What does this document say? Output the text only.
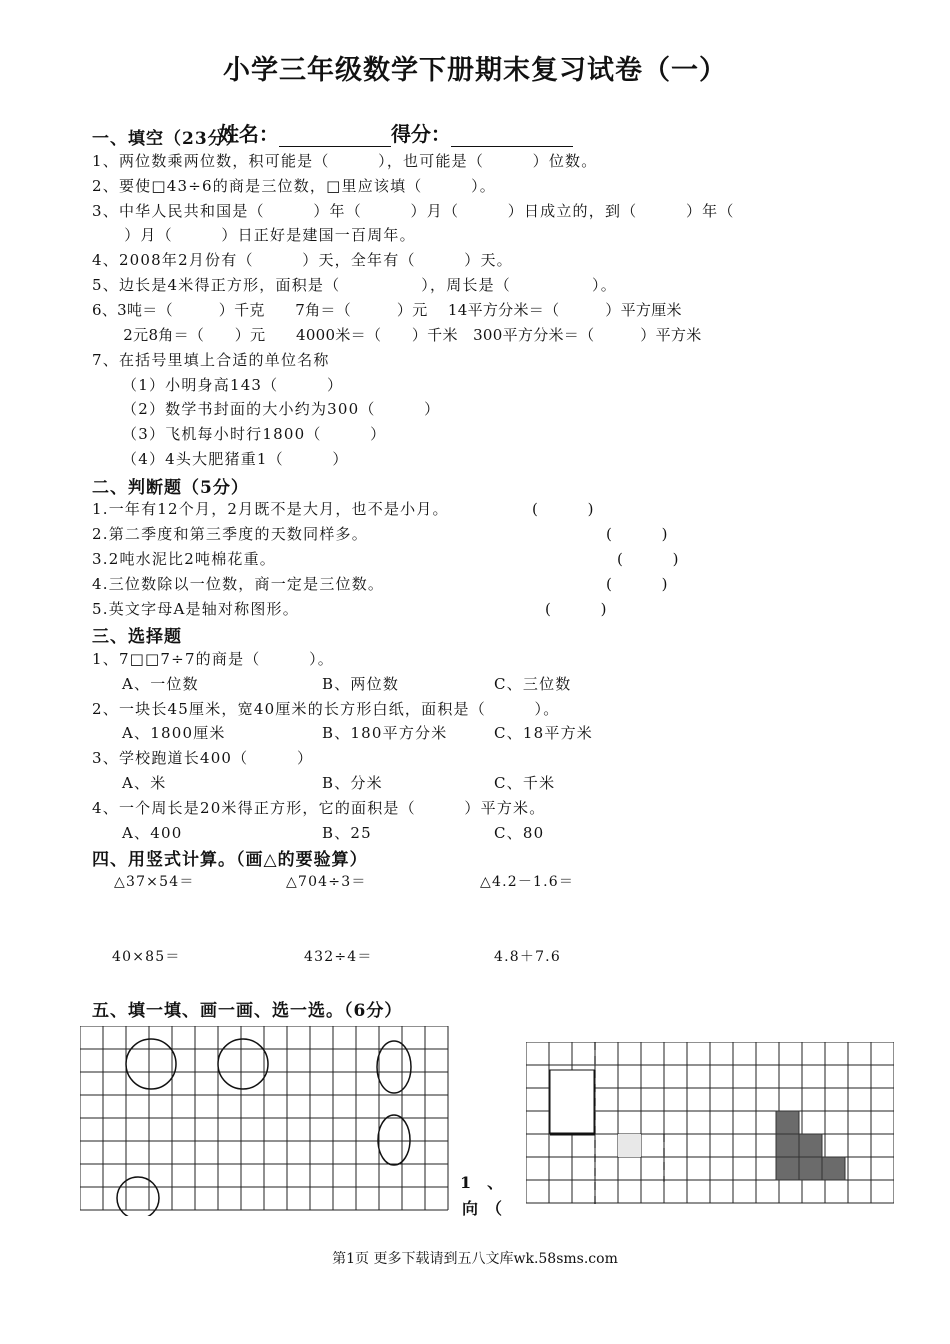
小学三年级数学下册期末复习试卷（一）

姓名：	得分：

一、填空（23分）
1、两位数乘两位数，积可能是（　　　），也可能是（　　　）位数。
2、要使□43÷6的商是三位数，□里应该填（　　　）。
3、中华人民共和国是（　　　）年（　　　）月（　　　）日成立的，到（　　　）年（
　）月（　　　）日正好是建国一百周年。
4、2008年2月份有（　　　）天，全年有（　　　）天。
5、边长是4米得正方形，面积是（　　　　　），周长是（　　　　　）。
6、3吨＝（　　　）千克　　7角＝（　　　）元　 14平方分米＝（　　　）平方厘米
　2元8角＝（　　）元　　4000米＝（　　）千米　300平方分米＝（　　　）平方米
7、在括号里填上合适的单位名称
（1）小明身高143（　　　）
（2）数学书封面的大小约为300（　　　）
（3）飞机每小时行1800（　　　）
（4）4头大肥猪重1（　　　）
二、判断题（5分）
1.一年有12个月，2月既不是大月，也不是小月。	(　　　)
2.第二季度和第三季度的天数同样多。	(　　　)
3.2吨水泥比2吨棉花重。	(　　　)
4.三位数除以一位数，商一定是三位数。	(　　　)
5.英文字母A是轴对称图形。	(　　　)
三、选择题
1、7□□7÷7的商是（　　　）。
A、一位数	B、两位数	C、三位数
2、一块长45厘米，宽40厘米的长方形白纸，面积是（　　　）。
A、1800厘米	B、180平方分米	C、18平方米
3、学校跑道长400（　　　）
A、米	B、分米	C、千米
4、一个周长是20米得正方形，它的面积是（　　　）平方米。
A、400	B、25	C、80
四、用竖式计算。（画△的要验算）
△37×54＝	△704÷3＝	△4.2－1.6＝
40×85＝	432÷4＝	4.8＋7.6
五、填一填、画一画、选一选。（6分）
1　、
向　（
第1页 更多下载请到五八文库wk.58sms.com
